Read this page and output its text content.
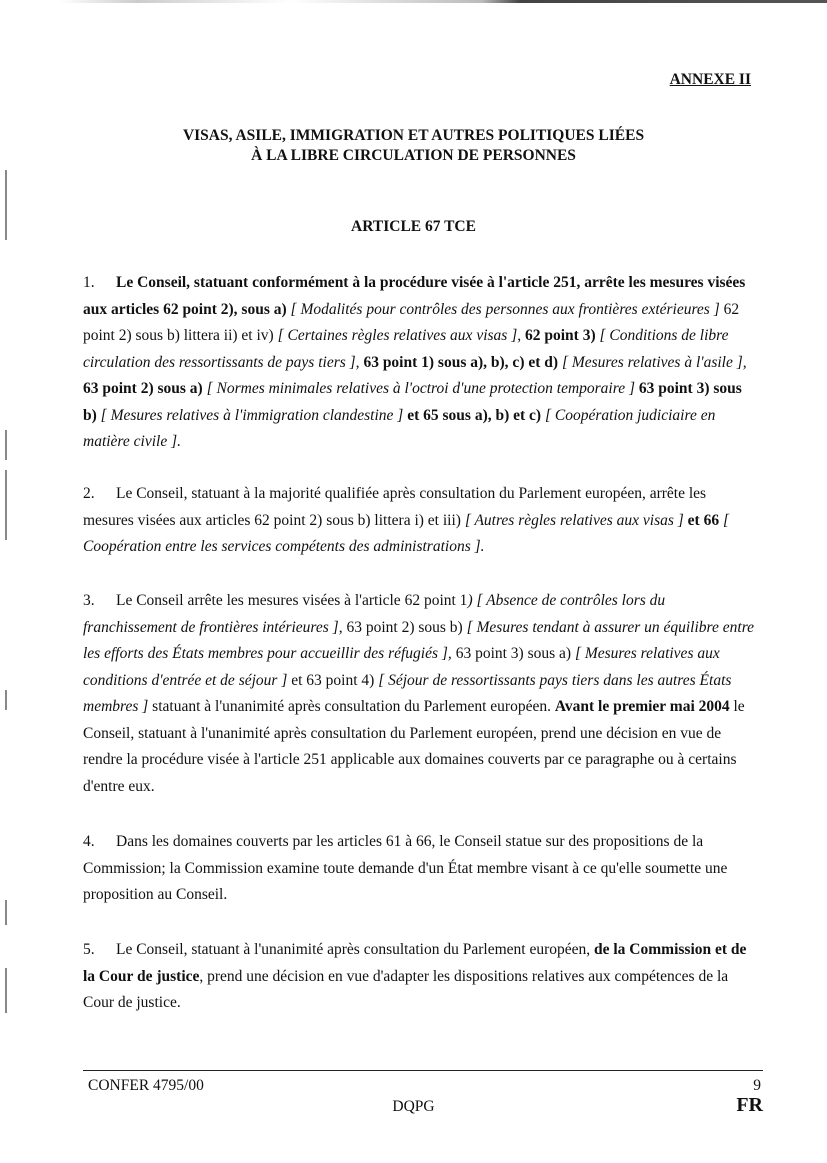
ANNEXE II
VISAS, ASILE, IMMIGRATION ET AUTRES POLITIQUES LIÉES
À LA LIBRE CIRCULATION DE PERSONNES
ARTICLE 67 TCE
1. Le Conseil, statuant conformément à la procédure visée à l'article 251, arrête les mesures visées aux articles 62 point 2), sous a) [ Modalités pour contrôles des personnes aux frontières extérieures ] 62 point 2) sous b) littera ii) et iv) [ Certaines règles relatives aux visas ], 62 point 3) [ Conditions de libre circulation des ressortissants de pays tiers ], 63 point 1) sous a), b), c) et d) [ Mesures relatives à l'asile ], 63 point 2) sous a) [ Normes minimales relatives à l'octroi d'une protection temporaire ] 63 point 3) sous b) [ Mesures relatives à l'immigration clandestine ] et 65 sous a), b) et c) [ Coopération judiciaire en matière civile ].
2. Le Conseil, statuant à la majorité qualifiée après consultation du Parlement européen, arrête les mesures visées aux articles 62 point 2) sous b) littera i) et iii) [ Autres règles relatives aux visas ] et 66 [ Coopération entre les services compétents des administrations ].
3. Le Conseil arrête les mesures visées à l'article 62 point 1) [ Absence de contrôles lors du franchissement de frontières intérieures ], 63 point 2) sous b) [ Mesures tendant à assurer un équilibre entre les efforts des États membres pour accueillir des réfugiés ], 63 point 3) sous a) [ Mesures relatives aux conditions d'entrée et de séjour ] et 63 point 4) [ Séjour de ressortissants pays tiers dans les autres États membres ] statuant à l'unanimité après consultation du Parlement européen. Avant le premier mai 2004 le Conseil, statuant à l'unanimité après consultation du Parlement européen, prend une décision en vue de rendre la procédure visée à l'article 251 applicable aux domaines couverts par ce paragraphe ou à certains d'entre eux.
4. Dans les domaines couverts par les articles 61 à 66, le Conseil statue sur des propositions de la Commission; la Commission examine toute demande d'un État membre visant à ce qu'elle soumette une proposition au Conseil.
5. Le Conseil, statuant à l'unanimité après consultation du Parlement européen, de la Commission et de la Cour de justice, prend une décision en vue d'adapter les dispositions relatives aux compétences de la Cour de justice.
CONFER 4795/00
DQPG
9
FR
